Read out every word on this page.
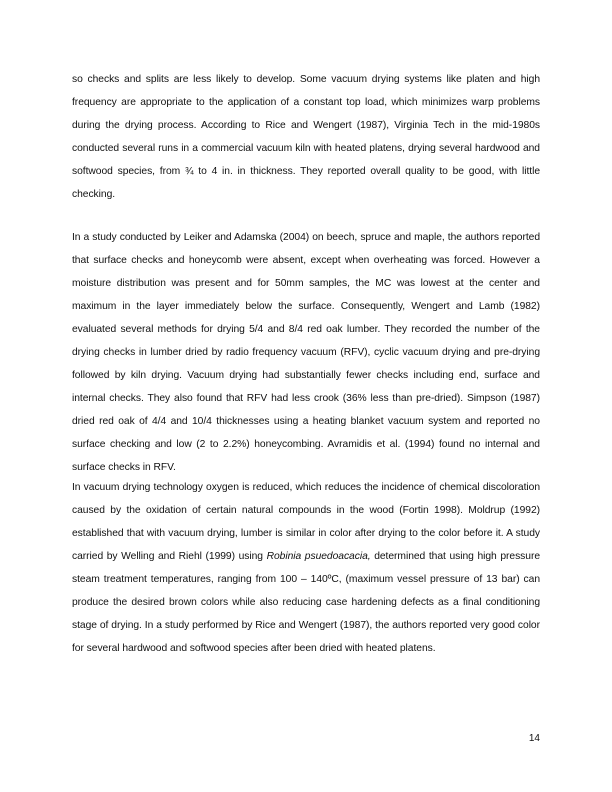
so checks and splits are less likely to develop. Some vacuum drying systems like platen and high frequency are appropriate to the application of a constant top load, which minimizes warp problems during the drying process. According to Rice and Wengert (1987), Virginia Tech in the mid-1980s conducted several runs in a commercial vacuum kiln with heated platens, drying several hardwood and softwood species, from ¾ to 4 in. in thickness. They reported overall quality to be good, with little checking.

In a study conducted by Leiker and Adamska (2004) on beech, spruce and maple, the authors reported that surface checks and honeycomb were absent, except when overheating was forced. However a moisture distribution was present and for 50mm samples, the MC was lowest at the center and maximum in the layer immediately below the surface. Consequently, Wengert and Lamb (1982) evaluated several methods for drying 5/4 and 8/4 red oak lumber. They recorded the number of the drying checks in lumber dried by radio frequency vacuum (RFV), cyclic vacuum drying and pre-drying followed by kiln drying. Vacuum drying had substantially fewer checks including end, surface and internal checks. They also found that RFV had less crook (36% less than pre-dried). Simpson (1987) dried red oak of 4/4 and 10/4 thicknesses using a heating blanket vacuum system and reported no surface checking and low (2 to 2.2%) honeycombing. Avramidis et al. (1994) found no internal and surface checks in RFV.

In vacuum drying technology oxygen is reduced, which reduces the incidence of chemical discoloration caused by the oxidation of certain natural compounds in the wood (Fortin 1998). Moldrup (1992) established that with vacuum drying, lumber is similar in color after drying to the color before it. A study carried by Welling and Riehl (1999) using Robinia psuedoacacia, determined that using high pressure steam treatment temperatures, ranging from 100 – 140ºC, (maximum vessel pressure of 13 bar) can produce the desired brown colors while also reducing case hardening defects as a final conditioning stage of drying. In a study performed by Rice and Wengert (1987), the authors reported very good color for several hardwood and softwood species after been dried with heated platens.

14
